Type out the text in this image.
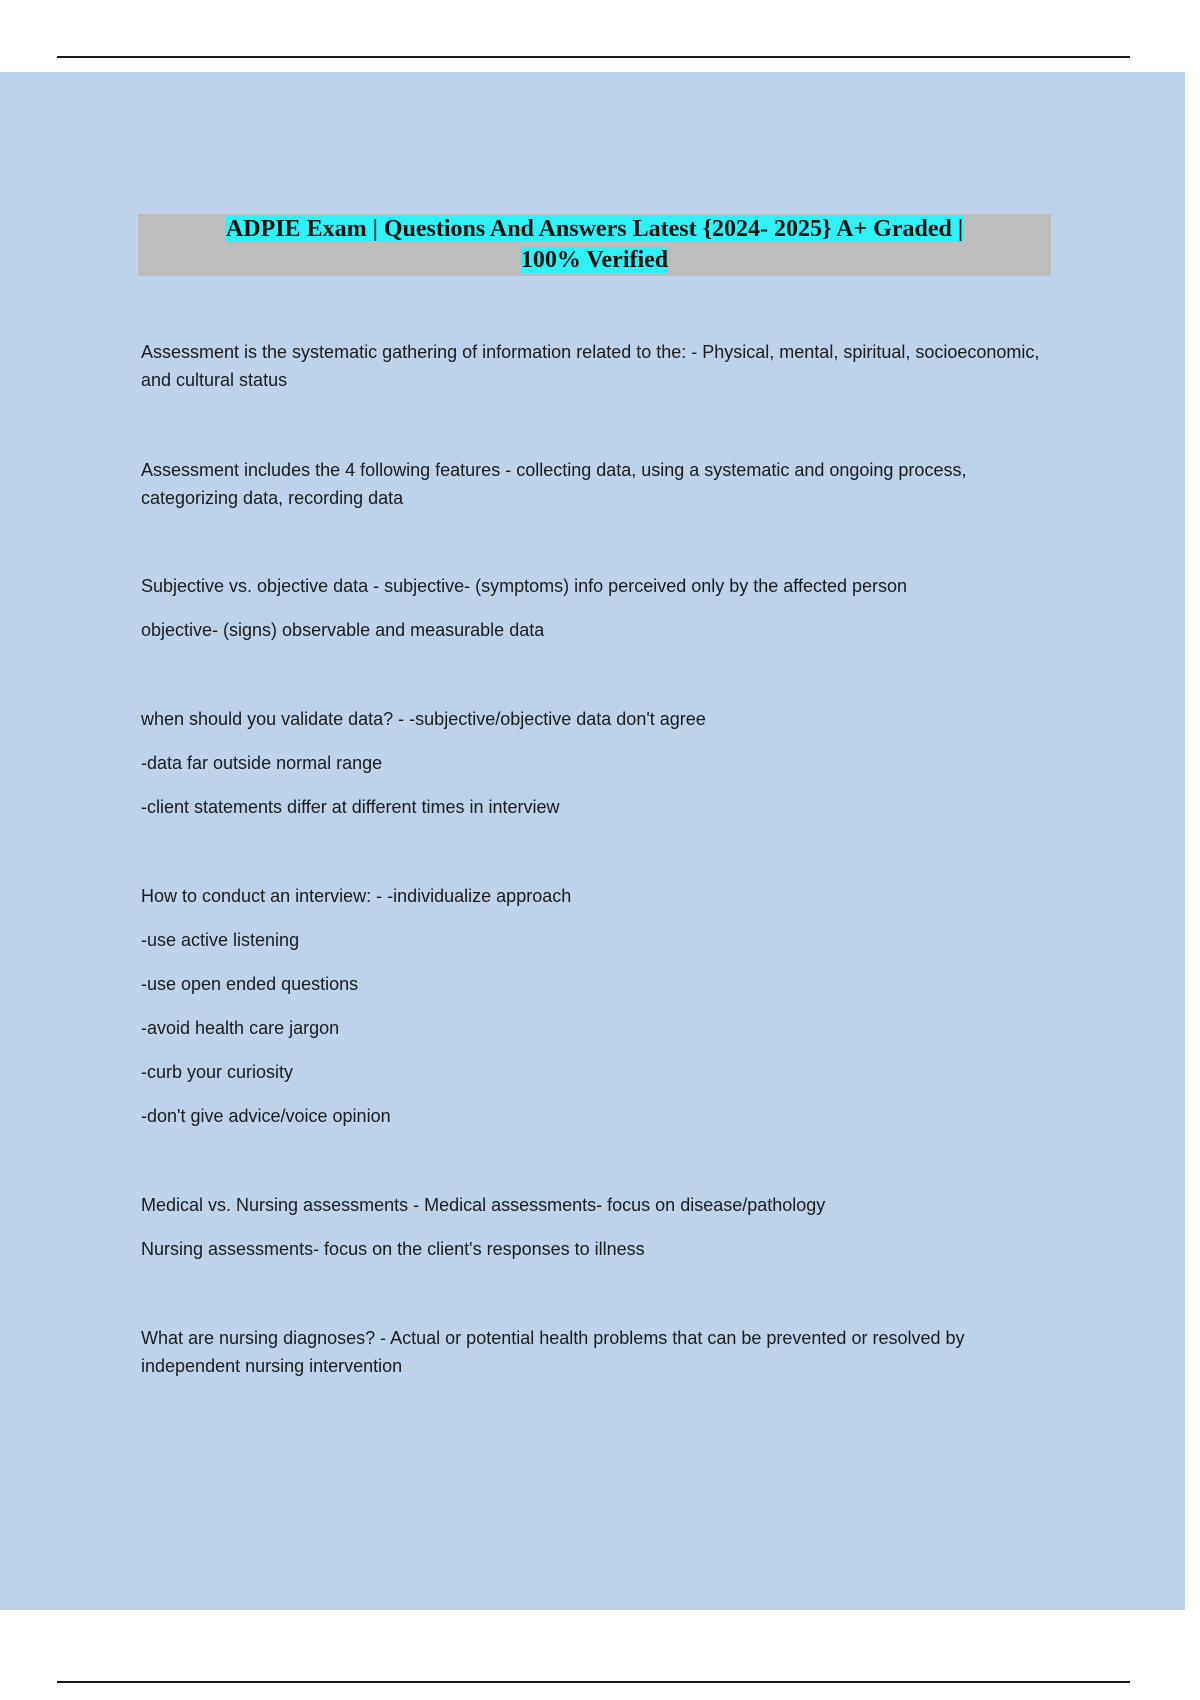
ADPIE Exam | Questions And Answers Latest {2024- 2025} A+ Graded |
100% Verified

Assessment is the systematic gathering of information related to the: - Physical, mental, spiritual, socioeconomic, and cultural status

Assessment includes the 4 following features - collecting data, using a systematic and ongoing process, categorizing data, recording data

Subjective vs. objective data - subjective- (symptoms) info perceived only by the affected person

objective- (signs) observable and measurable data

when should you validate data? - -subjective/objective data don't agree

-data far outside normal range

-client statements differ at different times in interview

How to conduct an interview: - -individualize approach

-use active listening

-use open ended questions

-avoid health care jargon

-curb your curiosity

-don't give advice/voice opinion

Medical vs. Nursing assessments - Medical assessments- focus on disease/pathology

Nursing assessments- focus on the client's responses to illness

What are nursing diagnoses? - Actual or potential health problems that can be prevented or resolved by independent nursing intervention
